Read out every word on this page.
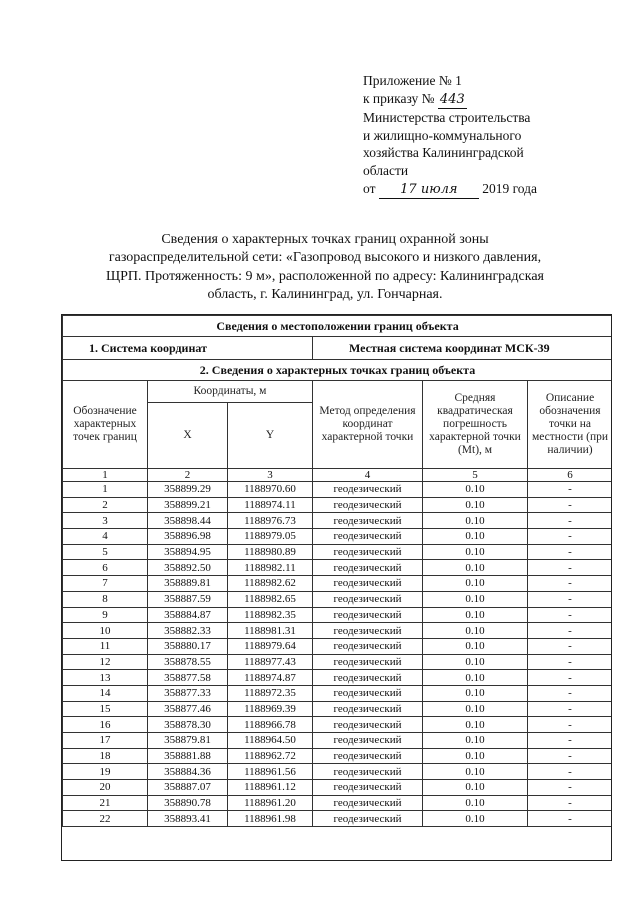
Приложение № 1
к приказу № 443
Министерства строительства
и жилищно-коммунального
хозяйства Калининградской
области
от 17 июля 2019 года
Сведения о характерных точках границ охранной зоны
газораспределительной сети: «Газопровод высокого и низкого давления,
ЩРП. Протяженность: 9 м», расположенной по адресу: Калининградская
область, г. Калининград, ул. Гончарная.
Сведения о местоположении границ объекта					
1. Система координат			Местная система координат МСК-39		
2. Сведения о характерных точках границ объекта					
Обозначение характерных точек границ	Координаты, м		Метод определения координат характерной точки	Средняя квадратическая погрешность характерной точки (Mt), м	Описание обозначения точки на местности (при наличии)
	X	Y			
1	2	3	4	5	6
1	358899.29	1188970.60	геодезический	0.10	-
2	358899.21	1188974.11	геодезический	0.10	-
3	358898.44	1188976.73	геодезический	0.10	-
4	358896.98	1188979.05	геодезический	0.10	-
5	358894.95	1188980.89	геодезический	0.10	-
6	358892.50	1188982.11	геодезический	0.10	-
7	358889.81	1188982.62	геодезический	0.10	-
8	358887.59	1188982.65	геодезический	0.10	-
9	358884.87	1188982.35	геодезический	0.10	-
10	358882.33	1188981.31	геодезический	0.10	-
11	358880.17	1188979.64	геодезический	0.10	-
12	358878.55	1188977.43	геодезический	0.10	-
13	358877.58	1188974.87	геодезический	0.10	-
14	358877.33	1188972.35	геодезический	0.10	-
15	358877.46	1188969.39	геодезический	0.10	-
16	358878.30	1188966.78	геодезический	0.10	-
17	358879.81	1188964.50	геодезический	0.10	-
18	358881.88	1188962.72	геодезический	0.10	-
19	358884.36	1188961.56	геодезический	0.10	-
20	358887.07	1188961.12	геодезический	0.10	-
21	358890.78	1188961.20	геодезический	0.10	-
22	358893.41	1188961.98	геодезический	0.10	-
